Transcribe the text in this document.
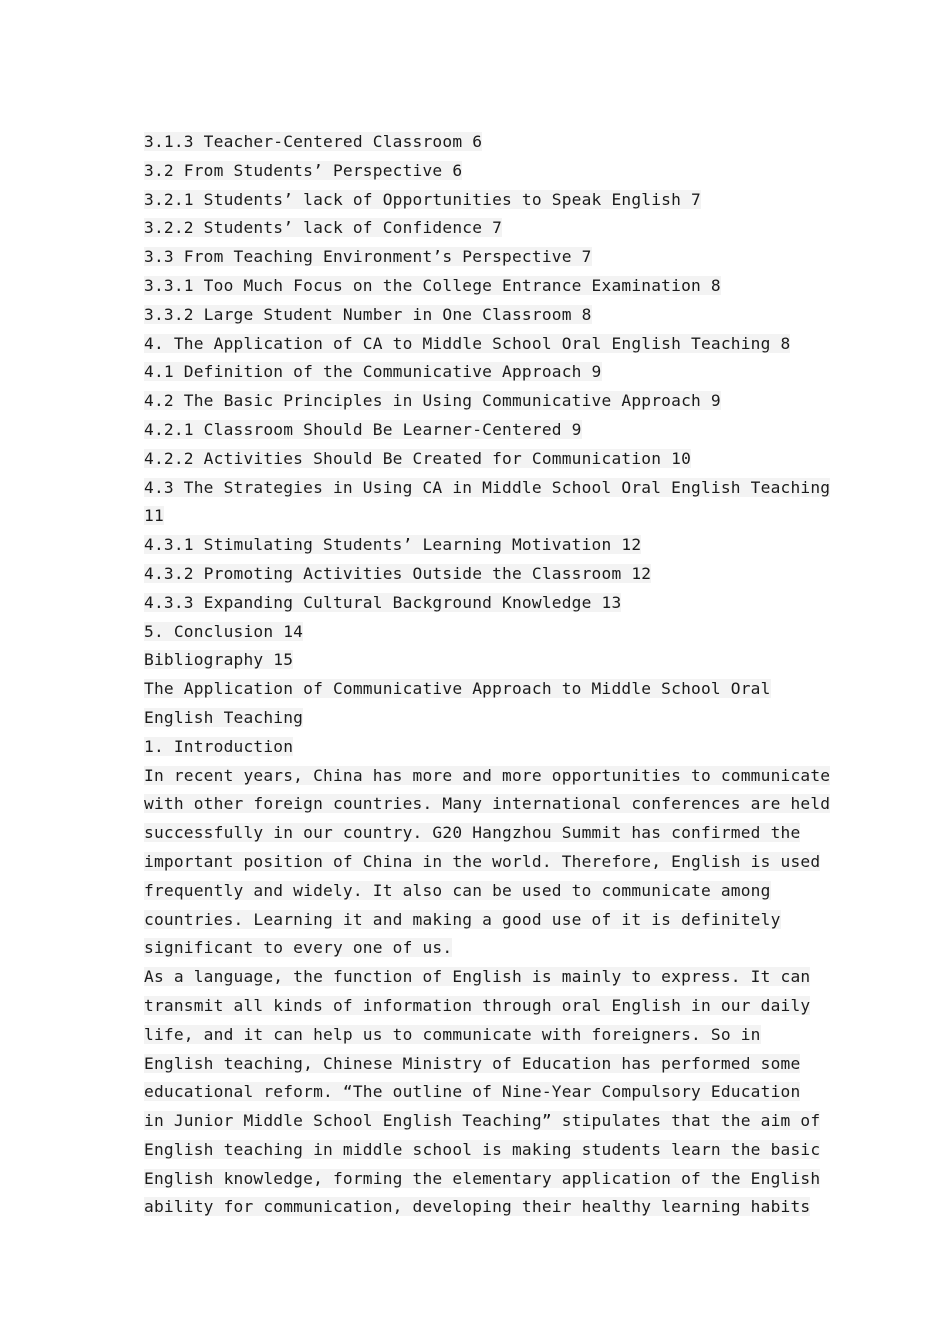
3.1.3 Teacher-Centered Classroom 6
3.2 From Students’ Perspective 6
3.2.1 Students’ lack of Opportunities to Speak English 7
3.2.2 Students’ lack of Confidence 7
3.3 From Teaching Environment’s Perspective 7
3.3.1 Too Much Focus on the College Entrance Examination 8
3.3.2 Large Student Number in One Classroom 8
4. The Application of CA to Middle School Oral English Teaching 8
4.1 Definition of the Communicative Approach 9
4.2 The Basic Principles in Using Communicative Approach 9
4.2.1 Classroom Should Be Learner-Centered 9
4.2.2 Activities Should Be Created for Communication 10
4.3 The Strategies in Using CA in Middle School Oral English Teaching
11
4.3.1 Stimulating Students’ Learning Motivation 12
4.3.2 Promoting Activities Outside the Classroom 12
4.3.3 Expanding Cultural Background Knowledge 13
5. Conclusion 14
Bibliography 15
The Application of Communicative Approach to Middle School Oral
English Teaching
1. Introduction
In recent years, China has more and more opportunities to communicate
with other foreign countries. Many international conferences are held
successfully in our country. G20 Hangzhou Summit has confirmed the
important position of China in the world. Therefore, English is used
frequently and widely. It also can be used to communicate among
countries. Learning it and making a good use of it is definitely
significant to every one of us.
As a language, the function of English is mainly to express. It can
transmit all kinds of information through oral English in our daily
life, and it can help us to communicate with foreigners. So in
English teaching, Chinese Ministry of Education has performed some
educational reform. “The outline of Nine-Year Compulsory Education
in Junior Middle School English Teaching” stipulates that the aim of
English teaching in middle school is making students learn the basic
English knowledge, forming the elementary application of the English
ability for communication, developing their healthy learning habits
